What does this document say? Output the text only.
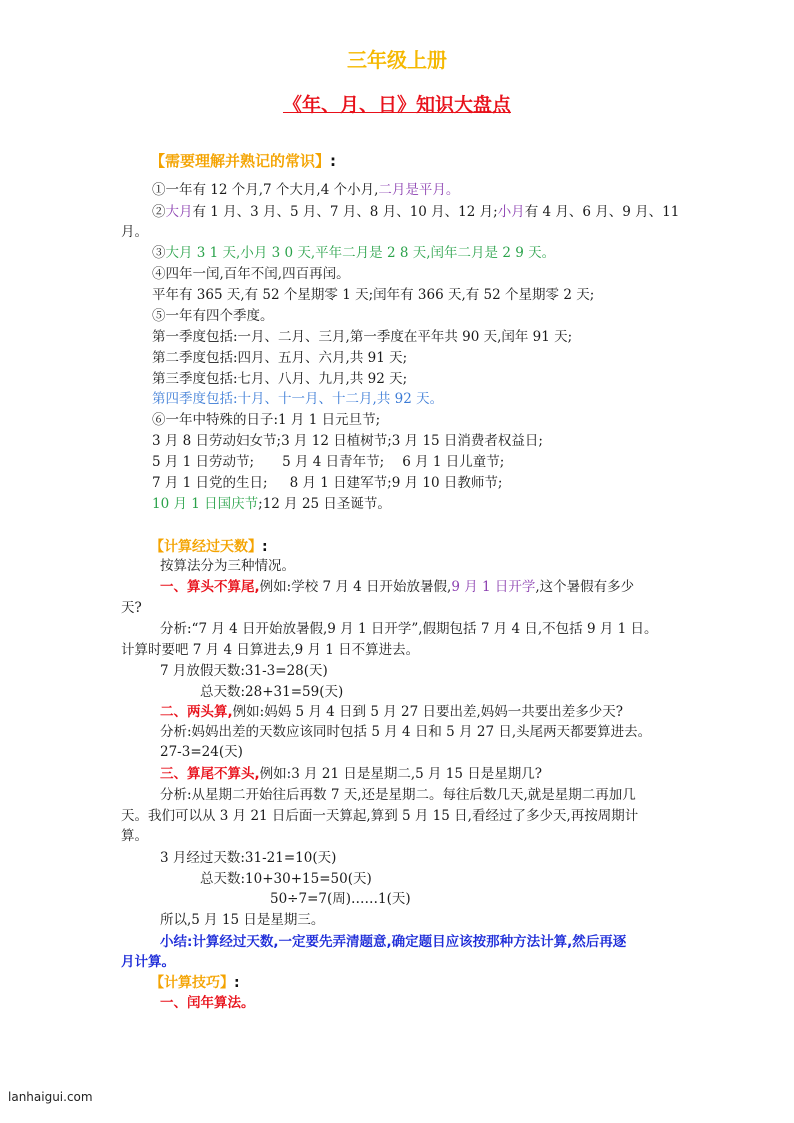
三年级上册
《年、月、日》知识大盘点
【需要理解并熟记的常识】:
①一年有 12 个月,7 个大月,4 个小月,二月是平月。
②大月有 1 月、3 月、5 月、7 月、8 月、10 月、12 月;小月有 4 月、6 月、9 月、11
月。
③大月 3 1 天,小月 3 0 天,平年二月是 2 8 天,闰年二月是 2 9 天。
④四年一闰,百年不闰,四百再闰。
平年有 365 天,有 52 个星期零 1 天;闰年有 366 天,有 52 个星期零 2 天;
⑤一年有四个季度。
第一季度包括:一月、二月、三月,第一季度在平年共 90 天,闰年 91 天;
第二季度包括:四月、五月、六月,共 91 天;
第三季度包括:七月、八月、九月,共 92 天;
第四季度包括:十月、十一月、十二月,共 92 天。
⑥一年中特殊的日子:1 月 1 日元旦节;
3 月 8 日劳动妇女节;3 月 12 日植树节;3 月 15 日消费者权益日;
5 月 1 日劳动节; 5 月 4 日青年节; 6 月 1 日儿童节;
7 月 1 日党的生日; 8 月 1 日建军节;9 月 10 日教师节;
10 月 1 日国庆节;12 月 25 日圣诞节。
【计算经过天数】:
按算法分为三种情况。
一、算头不算尾,例如:学校 7 月 4 日开始放暑假,9 月 1 日开学,这个暑假有多少
天?
分析:“7 月 4 日开始放暑假,9 月 1 日开学”,假期包括 7 月 4 日,不包括 9 月 1 日。
计算时要吧 7 月 4 日算进去,9 月 1 日不算进去。
7 月放假天数:31-3=28(天)
总天数:28+31=59(天)
二、两头算,例如:妈妈 5 月 4 日到 5 月 27 日要出差,妈妈一共要出差多少天?
分析:妈妈出差的天数应该同时包括 5 月 4 日和 5 月 27 日,头尾两天都要算进去。
27-3=24(天)
三、算尾不算头,例如:3 月 21 日是星期二,5 月 15 日是星期几?
分析:从星期二开始往后再数 7 天,还是星期二。每往后数几天,就是星期二再加几
天。我们可以从 3 月 21 日后面一天算起,算到 5 月 15 日,看经过了多少天,再按周期计
算。
3 月经过天数:31-21=10(天)
总天数:10+30+15=50(天)
50÷7=7(周)……1(天)
所以,5 月 15 日是星期三。
小结:计算经过天数,一定要先弄清题意,确定题目应该按那种方法计算,然后再逐
月计算。
【计算技巧】:
一、闰年算法。
lanhaigui.com
